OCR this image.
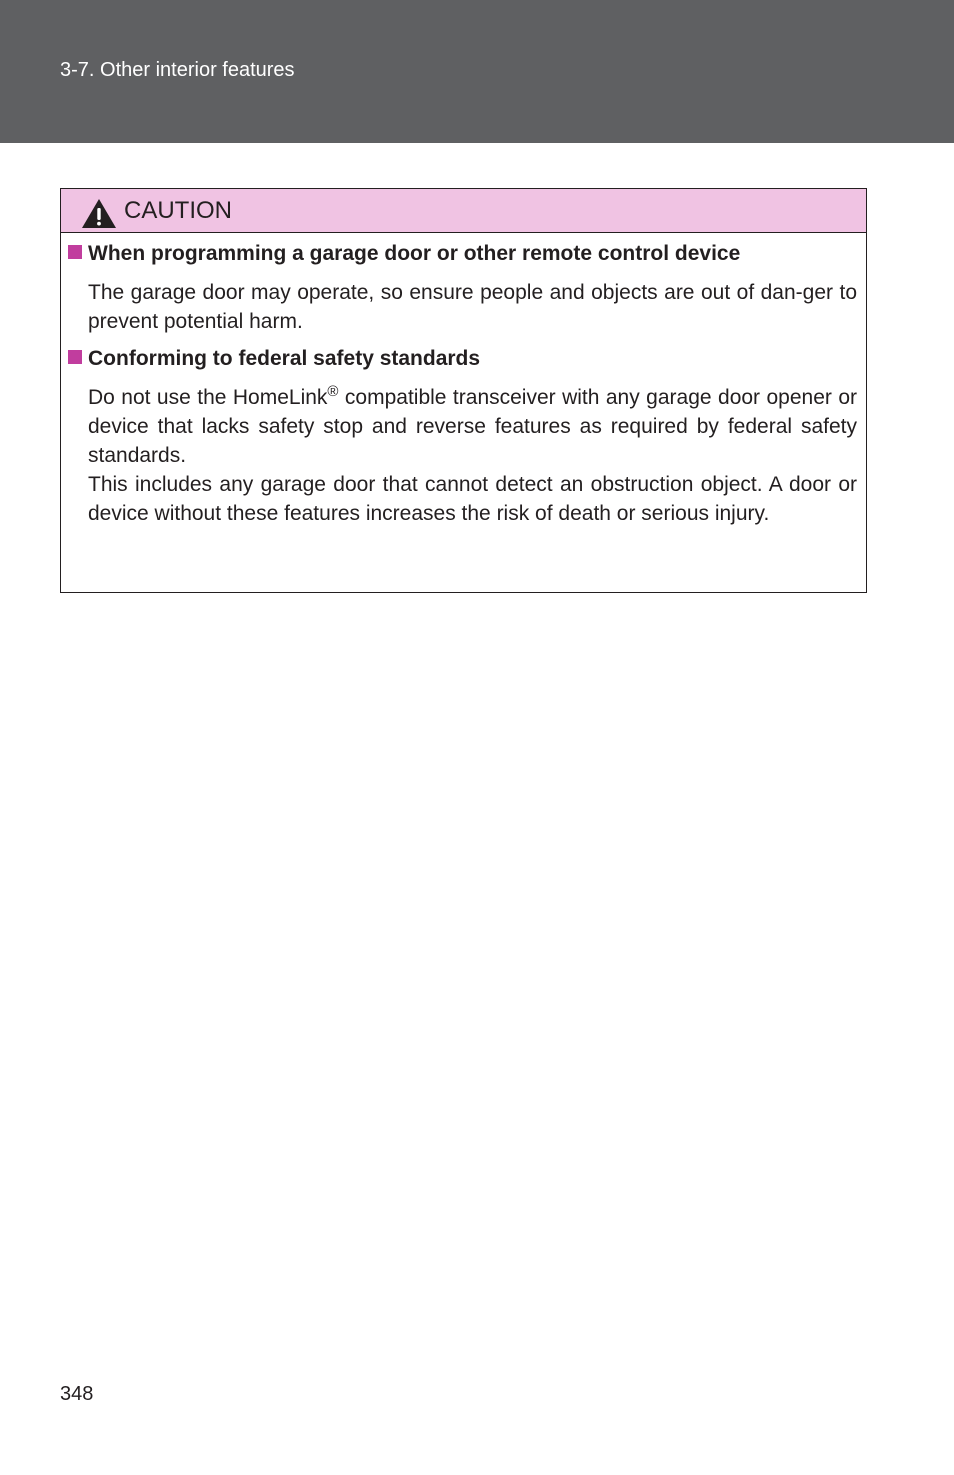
3-7. Other interior features
CAUTION
When programming a garage door or other remote control device

The garage door may operate, so ensure people and objects are out of dan-ger to prevent potential harm.

Conforming to federal safety standards

Do not use the HomeLink® compatible transceiver with any garage door opener or device that lacks safety stop and reverse features as required by federal safety standards.

This includes any garage door that cannot detect an obstruction object. A door or device without these features increases the risk of death or serious injury.

348
